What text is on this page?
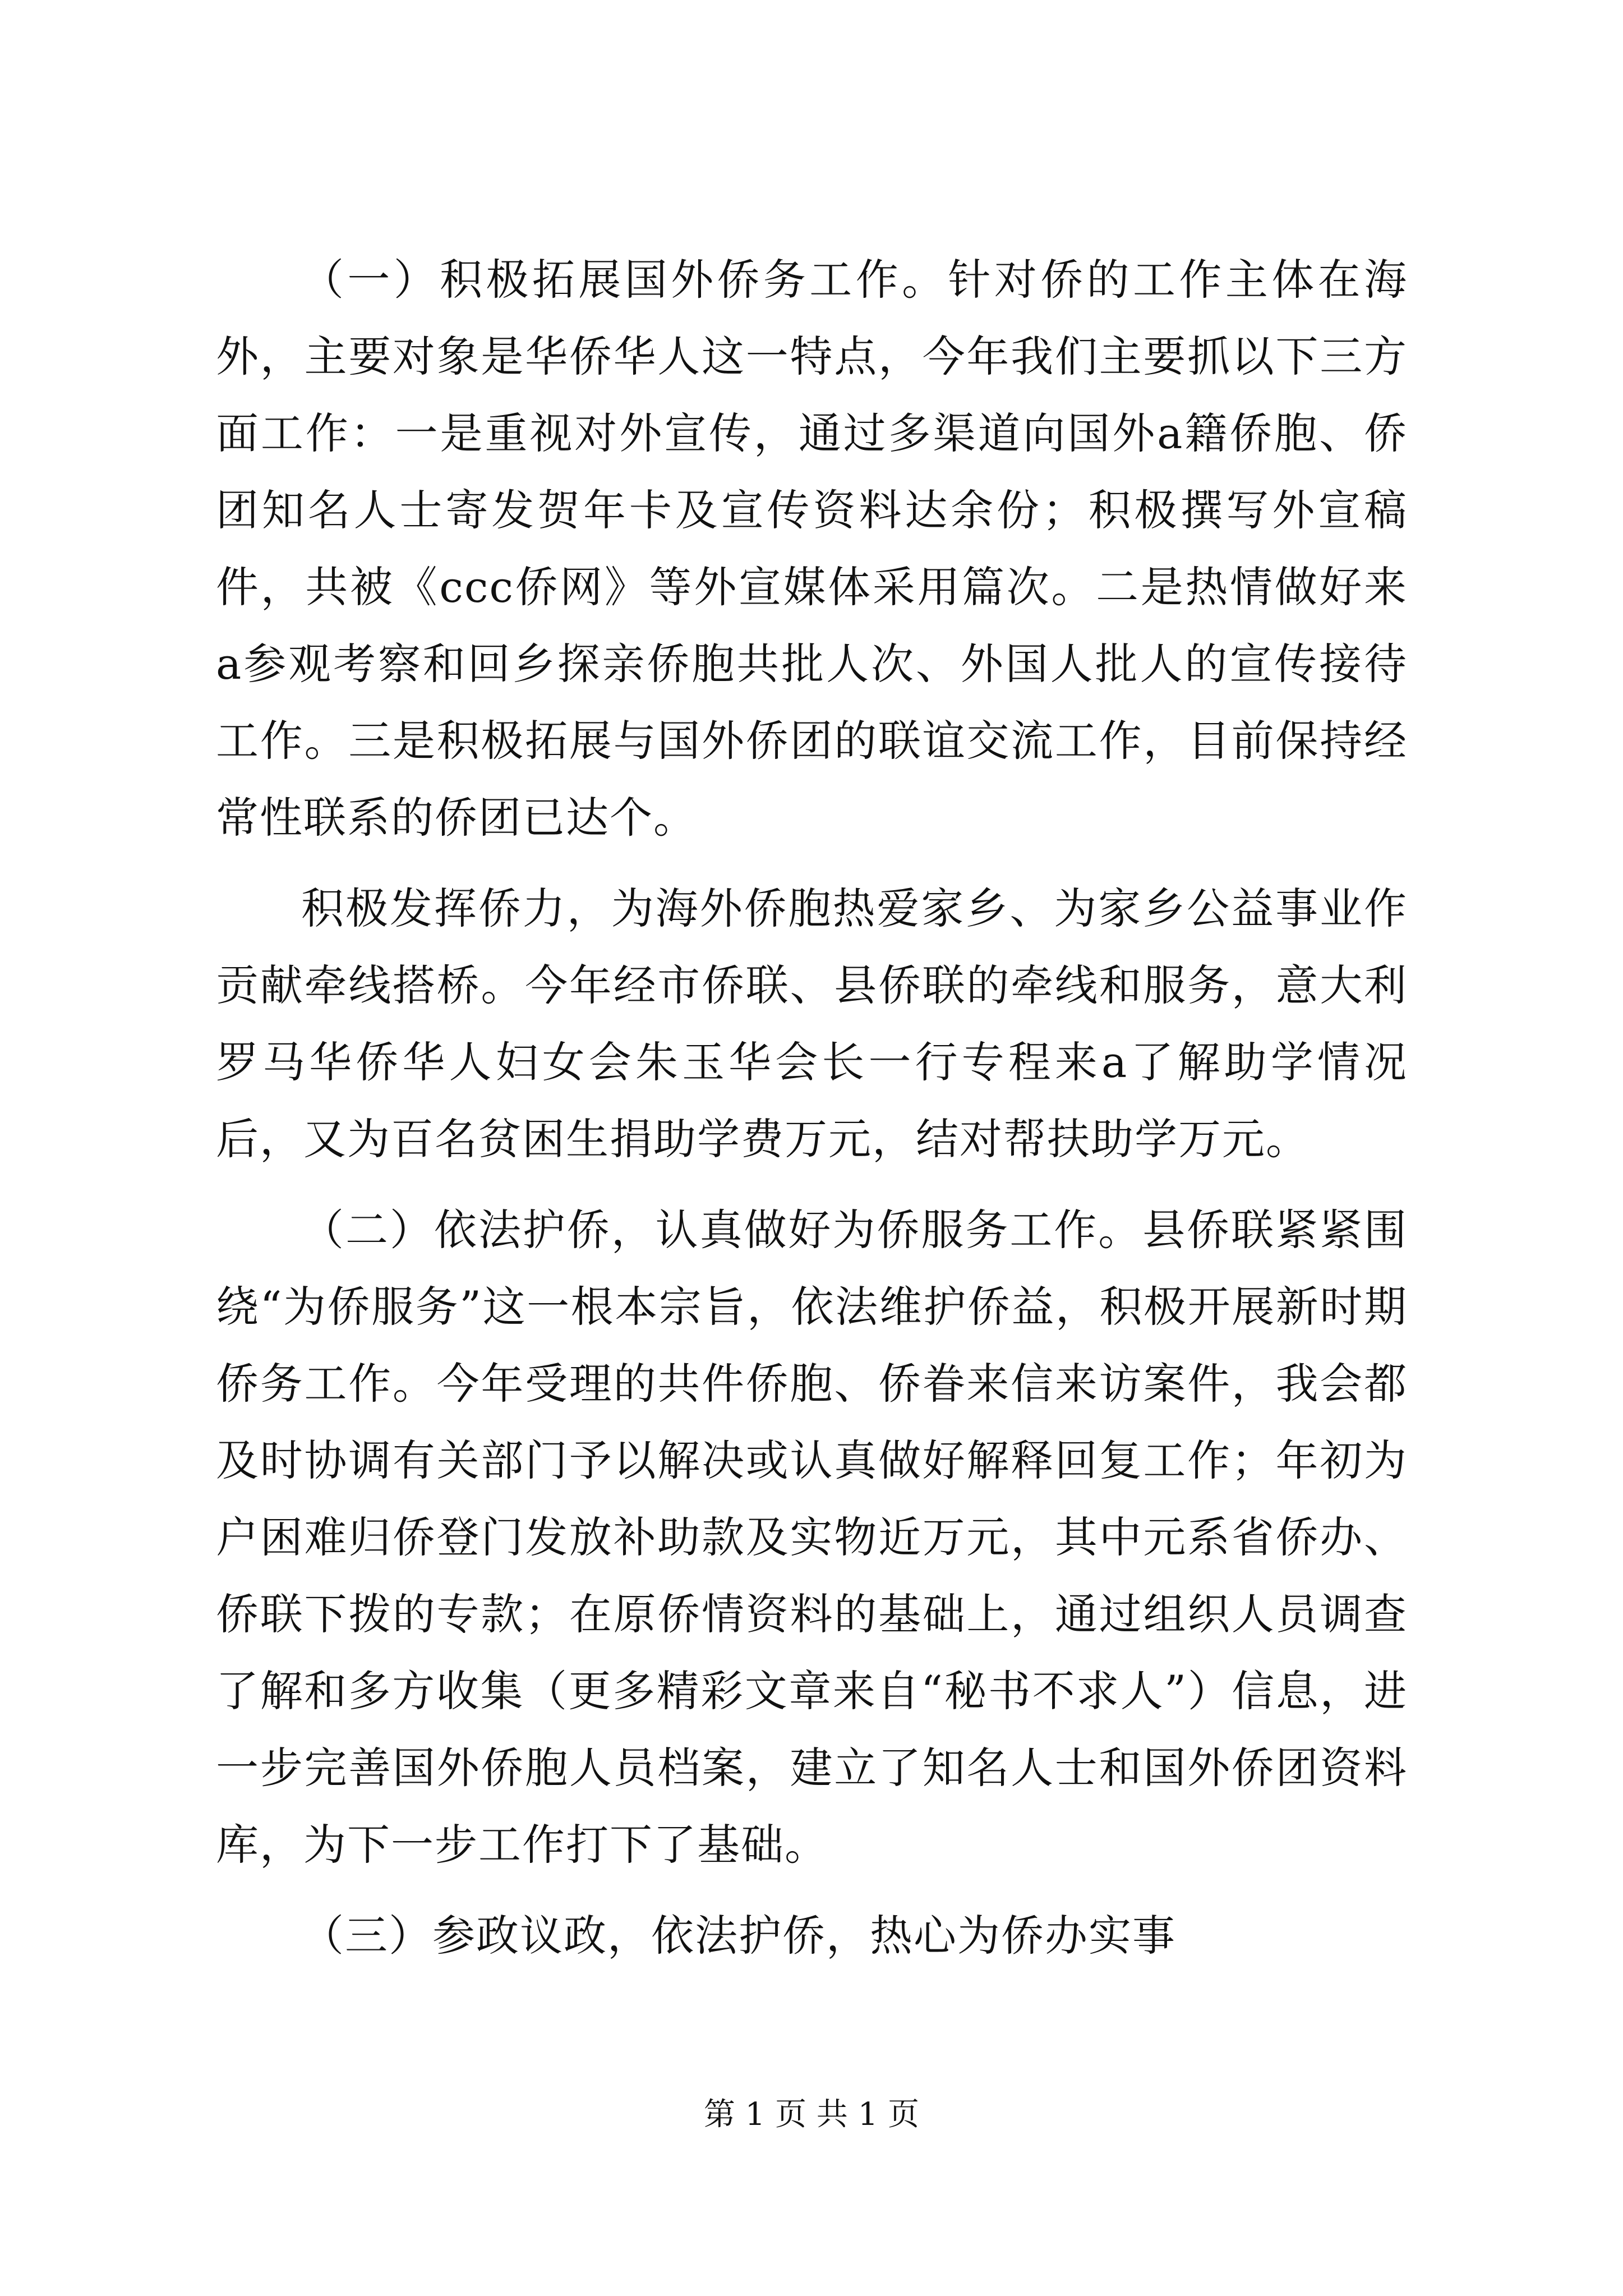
（一）积极拓展国外侨务工作。针对侨的工作主体在海外，主要对象是华侨华人这一特点，今年我们主要抓以下三方面工作：一是重视对外宣传，通过多渠道向国外a籍侨胞、侨团知名人士寄发贺年卡及宣传资料达余份；积极撰写外宣稿件，共被《ccc侨网》等外宣媒体采用篇次。二是热情做好来a参观考察和回乡探亲侨胞共批人次、外国人批人的宣传接待工作。三是积极拓展与国外侨团的联谊交流工作，目前保持经常性联系的侨团已达个。

积极发挥侨力，为海外侨胞热爱家乡、为家乡公益事业作贡献牵线搭桥。今年经市侨联、县侨联的牵线和服务，意大利罗马华侨华人妇女会朱玉华会长一行专程来a了解助学情况后，又为百名贫困生捐助学费万元，结对帮扶助学万元。

（二）依法护侨，认真做好为侨服务工作。县侨联紧紧围绕“为侨服务”这一根本宗旨，依法维护侨益，积极开展新时期侨务工作。今年受理的共件侨胞、侨眷来信来访案件，我会都及时协调有关部门予以解决或认真做好解释回复工作；年初为户困难归侨登门发放补助款及实物近万元，其中元系省侨办、侨联下拨的专款；在原侨情资料的基础上，通过组织人员调查了解和多方收集（更多精彩文章来自“秘书不求人”）信息，进一步完善国外侨胞人员档案，建立了知名人士和国外侨团资料库，为下一步工作打下了基础。

（三）参政议政，依法护侨，热心为侨办实事

第 1 页 共 1 页
